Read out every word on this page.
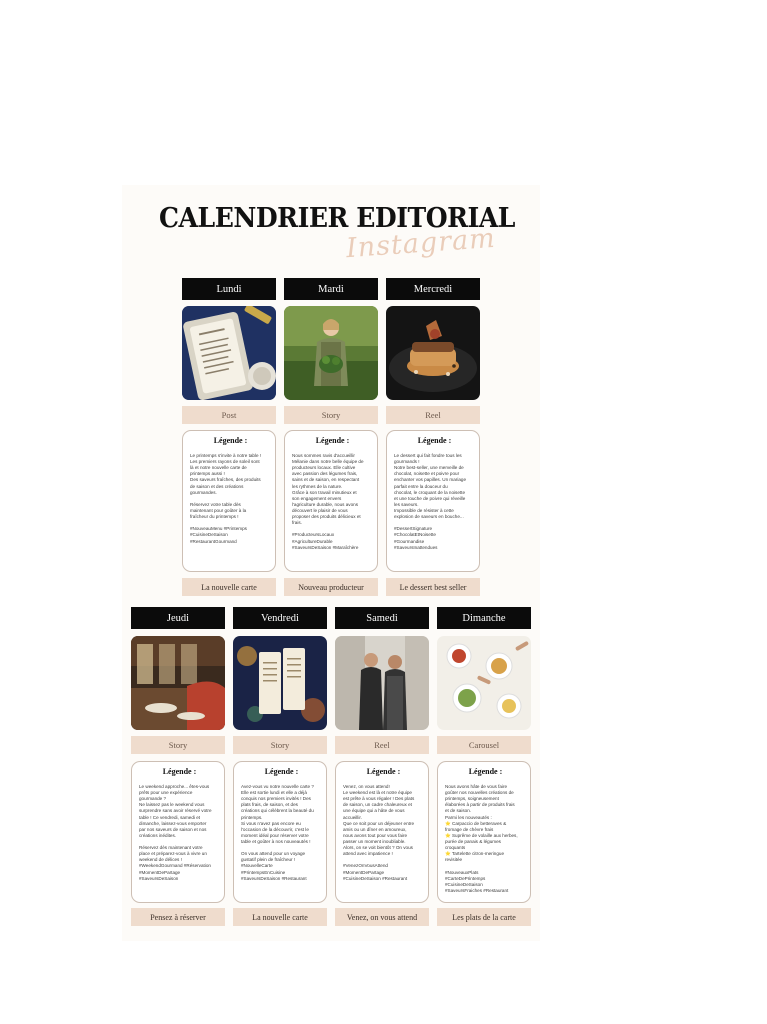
CALENDRIER EDITORIAL
Instagram
Lundi
Post
Légende :
Le printemps s'invite à notre table !
Les premiers rayons de soleil sont
là et notre nouvelle carte de
printemps aussi !
Des saveurs fraîches, des produits
de saison et des créations
gourmandes.

Réservez votre table dès
maintenant pour goûter à la
fraîcheur du printemps !

#NouveauMenu #Printemps
#CuisineDeSaison
#RestaurantGourmand
La nouvelle carte
Mardi
Story
Légende :
Nous sommes ravis d'accueillir
Mélanie dans notre belle équipe de
producteurs locaux. Elle cultive
avec passion des légumes frais,
sains et de saison, en respectant
les rythmes de la nature.
Grâce à son travail minutieux et
son engagement envers
l'agriculture durable, nous avons
découvert le plaisir de vous
proposer des produits délicieux et
frais.

#ProducteursLocaux
#AgricultureDurable
#SaveursDeSaison #Maraîchère
Nouveau producteur
Mercredi
Reel
Légende :
Le dessert qui fait fondre tous les
gourmands !
Notre best-seller, une merveille de
chocolat, noisette et poivre pour
enchanter vos papilles. Un mariage
parfait entre la douceur du
chocolat, le croquant de la noisette
et une touche de poivre qui réveille
les saveurs.
Impossible de résister à cette
explosion de saveurs en bouche...

#DessertSignature
#ChocolatEtNoisette
#Gourmandise
#SaveursInattendues
Le dessert best seller
Jeudi
Story
Légende :
Le weekend approche... êtes-vous
prêts pour une expérience
gourmande ?
Ne laissez pas le weekend vous
surprendre sans avoir réservé votre
table ! Ce vendredi, samedi et
dimanche, laissez-vous emporter
par nos saveurs de saison et nos
créations inédites.

Réservez dès maintenant votre
place et préparez-vous à vivre un
weekend de délices !
#WeekendGourmand #Réservation
#MomentDePartage
#SaveursDeSaison
Pensez à réserver
Vendredi
Story
Légende :
Avez-vous vu notre nouvelle carte ?
Elle est sortie lundi et elle a déjà
conquis nos premiers invités ! Des
plats frais, de saison, et des
créations qui célèbrent la beauté du
printemps.
Si vous n'avez pas encore eu
l'occasion de la découvrir, c'est le
moment idéal pour réserver votre
table et goûter à nos nouveautés !

On vous attend pour un voyage
gustatif plein de fraîcheur !
#NouvelleCarte
#PrintempsEnCuisine
#SaveursDeSaison #Restaurant
La nouvelle carte
Samedi
Reel
Légende :
Venez, on vous attend!
Le weekend est là et notre équipe
est prête à vous régaler ! Des plats
de saison, un cadre chaleureux et
une équipe qui a hâte de vous
accueillir.
Que ce soit pour un déjeuner entre
amis ou un dîner en amoureux,
nous avons tout pour vous faire
passer un moment inoubliable.
Alors, on se voit bientôt ? On vous
attend avec impatience !

#VenezOnVousAttend
#MomentDePartage
#CuisineDeSaison #Restaurant
Venez, on vous attend
Dimanche
Carousel
Légende :
Nous avons hâte de vous faire
goûter nos nouvelles créations de
printemps, soigneusement
élaborées à partir de produits frais
et de saison.
Parmi les nouveautés :
⭐ Carpaccio de betteraves &
fromage de chèvre frais
⭐ Suprême de volaille aux herbes,
purée de panais & légumes
croquants
⭐ Tartelette citron-meringue
revisitée

#NouveauxPlats
#CarteDePrintemps
#CuisineDeSaison
#SaveursFraiches #Restaurant
Les plats de la carte
